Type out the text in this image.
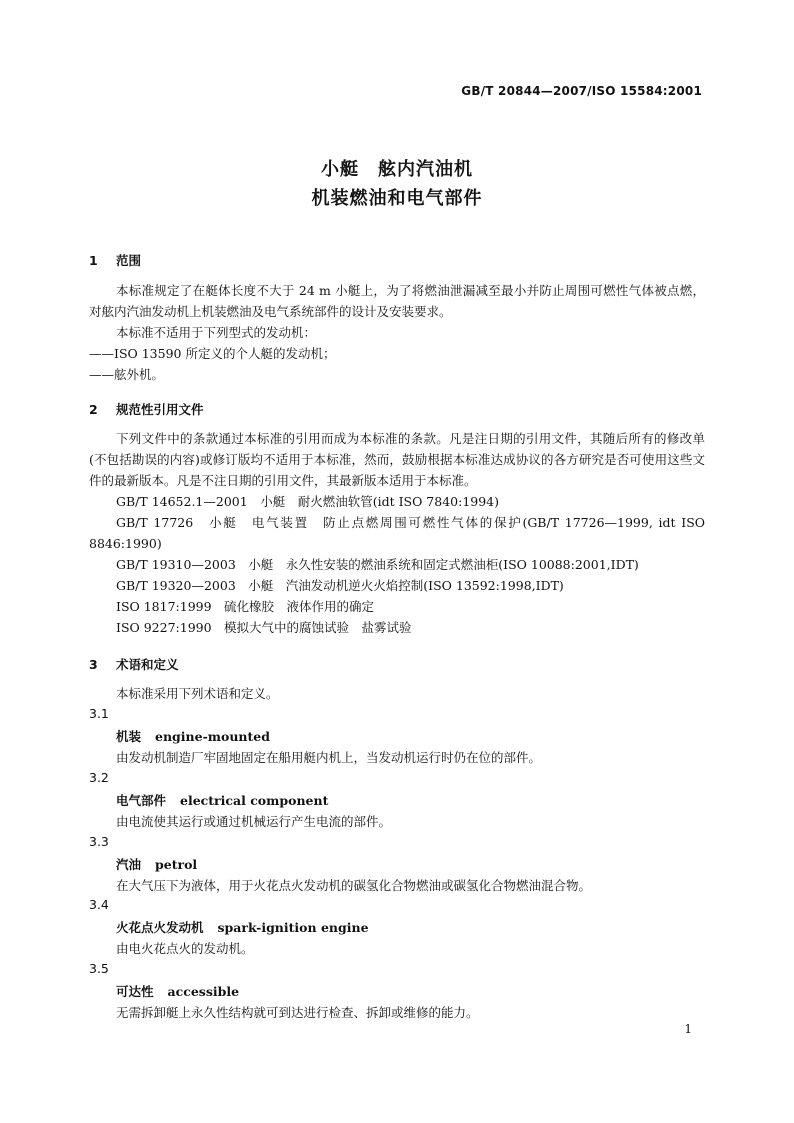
GB/T 20844—2007/ISO 15584:2001
小艇　舷内汽油机
机装燃油和电气部件
1 范围

本标准规定了在艇体长度不大于 24 m 小艇上，为了将燃油泄漏减至最小并防止周围可燃性气体被点燃，对舷内汽油发动机上机装燃油及电气系统部件的设计及安装要求。

本标准不适用于下列型式的发动机：

——ISO 13590 所定义的个人艇的发动机；

——舷外机。

2 规范性引用文件

下列文件中的条款通过本标准的引用而成为本标准的条款。凡是注日期的引用文件，其随后所有的修改单(不包括勘误的内容)或修订版均不适用于本标准，然而，鼓励根据本标准达成协议的各方研究是否可使用这些文件的最新版本。凡是不注日期的引用文件，其最新版本适用于本标准。

GB/T 14652.1—2001　小艇　耐火燃油软管(idt ISO 7840:1994)

GB/T 17726　小艇　电气装置　防止点燃周围可燃性气体的保护(GB/T 17726—1999, idt ISO 8846:1990)

GB/T 19310—2003　小艇　永久性安装的燃油系统和固定式燃油柜(ISO 10088:2001,IDT)

GB/T 19320—2003　小艇　汽油发动机逆火火焰控制(ISO 13592:1998,IDT)

ISO 1817:1999　硫化橡胶　液体作用的确定

ISO 9227:1990　模拟大气中的腐蚀试验　盐雾试验

3 术语和定义
本标准采用下列术语和定义。
3.1
机装 engine-mounted
由发动机制造厂牢固地固定在船用艇内机上，当发动机运行时仍在位的部件。
3.2
电气部件 electrical component
由电流使其运行或通过机械运行产生电流的部件。
3.3
汽油 petrol
在大气压下为液体，用于火花点火发动机的碳氢化合物燃油或碳氢化合物燃油混合物。
3.4
火花点火发动机 spark-ignition engine
由电火花点火的发动机。
3.5
可达性 accessible
无需拆卸艇上永久性结构就可到达进行检查、拆卸或维修的能力。
1
